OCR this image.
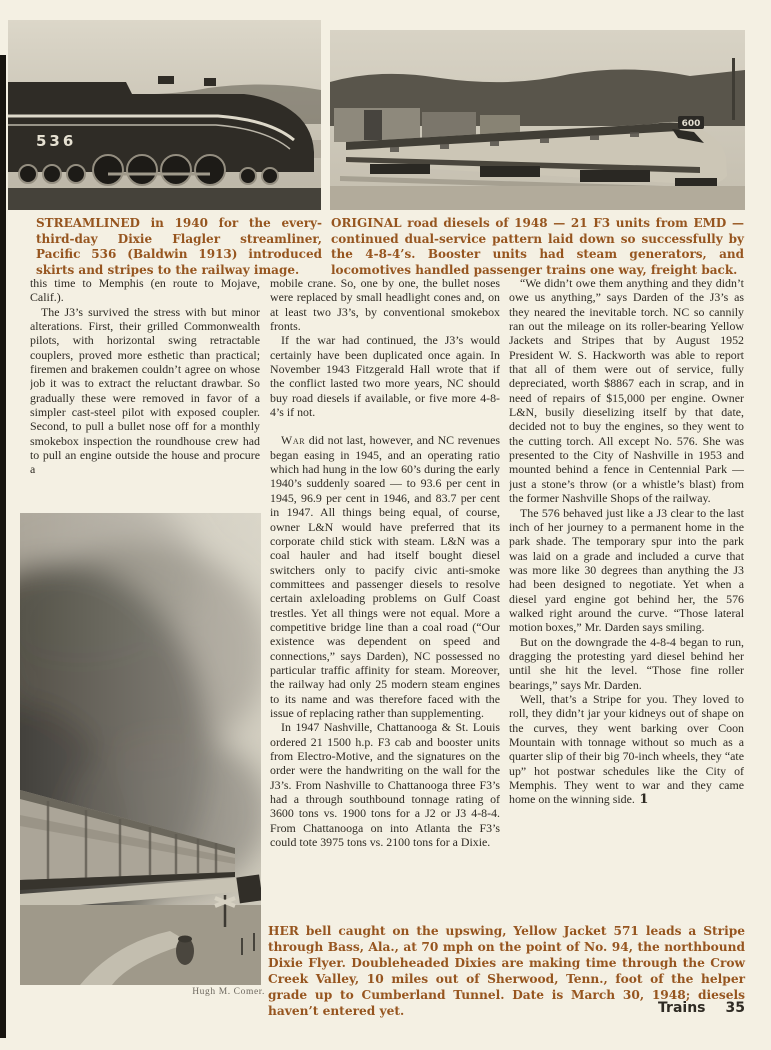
536
600

STREAMLINED in 1940 for the every-third-day Dixie Flagler streamliner, Pacific 536 (Baldwin 1913) introduced skirts and stripes to the railway image.

ORIGINAL road diesels of 1948 — 21 F3 units from EMD — continued dual-service pattern laid down so successfully by the 4-8-4’s. Booster units had steam generators, and locomotives handled passenger trains one way, freight back.

this time to Memphis (en route to Mojave, Calif.).

The J3’s survived the stress with but minor alterations. First, their grilled Commonwealth pilots, with horizontal swing retractable couplers, proved more esthetic than practical; firemen and brakemen couldn’t agree on whose job it was to extract the reluctant drawbar. So gradually these were removed in favor of a simpler cast-steel pilot with exposed coupler. Second, to pull a bullet nose off for a monthly smokebox inspection the roundhouse crew had to pull an engine outside the house and procure a

mobile crane. So, one by one, the bullet noses were replaced by small headlight cones and, on at least two J3’s, by conventional smokebox fronts.

If the war had continued, the J3’s would certainly have been duplicated once again. In November 1943 Fitzgerald Hall wrote that if the conflict lasted two more years, NC should buy road diesels if available, or five more 4-8-4’s if not.

War did not last, however, and NC revenues began easing in 1945, and an operating ratio which had hung in the low 60’s during the early 1940’s suddenly soared — to 93.6 per cent in 1945, 96.9 per cent in 1946, and 83.7 per cent in 1947. All things being equal, of course, owner L&N would have preferred that its corporate child stick with steam. L&N was a coal hauler and had itself bought diesel switchers only to pacify civic anti-smoke committees and passenger diesels to resolve certain axleloading problems on Gulf Coast trestles. Yet all things were not equal. More a competitive bridge line than a coal road (“Our existence was dependent on speed and connections,” says Darden), NC possessed no particular traffic affinity for steam. Moreover, the railway had only 25 modern steam engines to its name and was therefore faced with the issue of replacing rather than supplementing.

In 1947 Nashville, Chattanooga & St. Louis ordered 21 1500 h.p. F3 cab and booster units from Electro-Motive, and the signatures on the order were the handwriting on the wall for the J3’s. From Nashville to Chattanooga three F3’s had a through southbound tonnage rating of 3600 tons vs. 1900 tons for a J2 or J3 4-8-4. From Chattanooga on into Atlanta the F3’s could tote 3975 tons vs. 2100 tons for a Dixie.

“We didn’t owe them anything and they didn’t owe us anything,” says Darden of the J3’s as they neared the inevitable torch. NC so cannily ran out the mileage on its roller-bearing Yellow Jackets and Stripes that by August 1952 President W. S. Hackworth was able to report that all of them were out of service, fully depreciated, worth $8867 each in scrap, and in need of repairs of $15,000 per engine. Owner L&N, busily dieselizing itself by that date, decided not to buy the engines, so they went to the cutting torch. All except No. 576. She was presented to the City of Nashville in 1953 and mounted behind a fence in Centennial Park — just a stone’s throw (or a whistle’s blast) from the former Nashville Shops of the railway.

The 576 behaved just like a J3 clear to the last inch of her journey to a permanent home in the park shade. The temporary spur into the park was laid on a grade and included a curve that was more like 30 degrees than anything the J3 had been designed to negotiate. Yet when a diesel yard engine got behind her, the 576 walked right around the curve. “Those lateral motion boxes,” Mr. Darden says smiling.

But on the downgrade the 4-8-4 began to run, dragging the protesting yard diesel behind her until she hit the level. “Those fine roller bearings,” says Mr. Darden.

Well, that’s a Stripe for you. They loved to roll, they didn’t jar your kidneys out of shape on the curves, they went barking over Coon Mountain with tonnage without so much as a quarter slip of their big 70-inch wheels, they “ate up” hot postwar schedules like the City of Memphis. They went to war and they came home on the winning side. 1

Hugh M. Comer.

HER bell caught on the upswing, Yellow Jacket 571 leads a Stripe through Bass, Ala., at 70 mph on the point of No. 94, the northbound Dixie Flyer. Doubleheaded Dixies are making time through the Crow Creek Valley, 10 miles out of Sherwood, Tenn., foot of the helper grade up to Cumberland Tunnel. Date is March 30, 1948; diesels haven’t entered yet.	Trains 35
